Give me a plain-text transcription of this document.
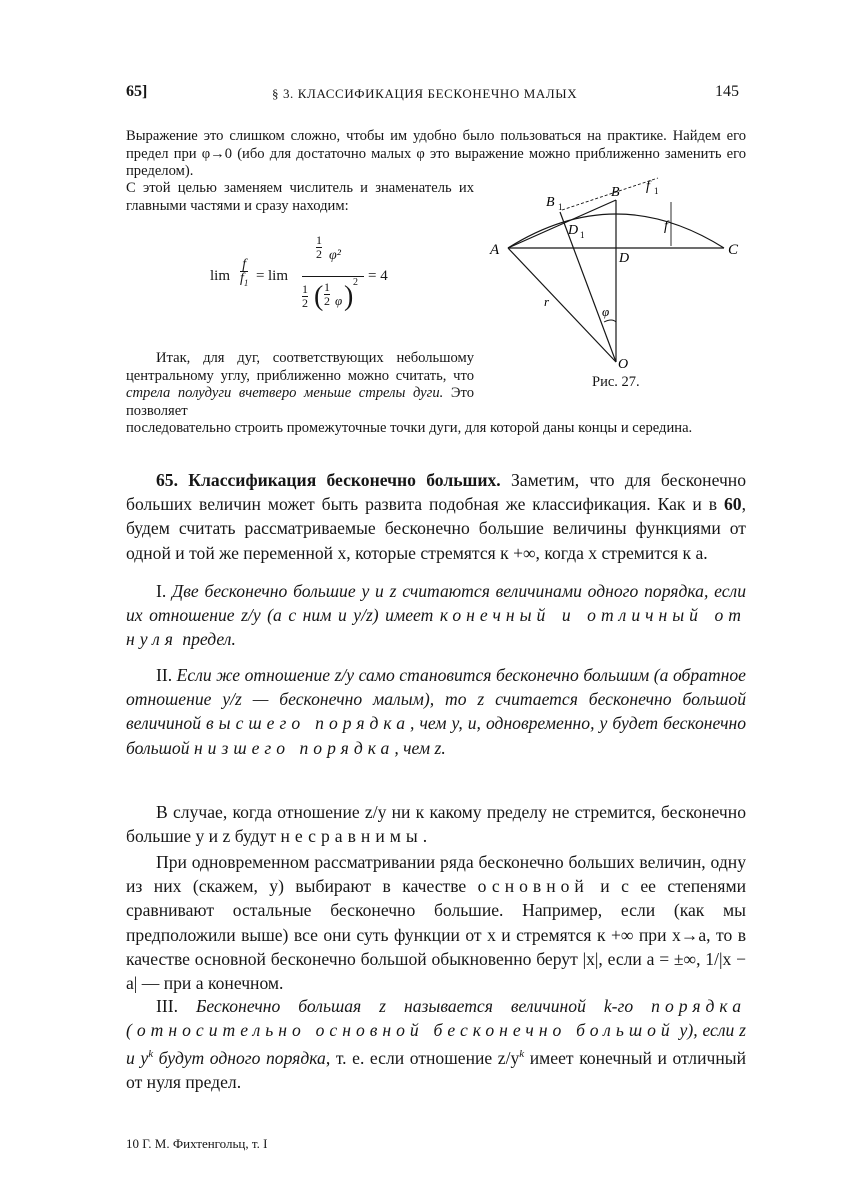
65]	§ 3. КЛАССИФИКАЦИЯ БЕСКОНЕЧНО МАЛЫХ	145
Выражение это слишком сложно, чтобы им удобно было пользоваться на практике. Найдем его предел при φ→0 (ибо для достаточно малых φ это выражение можно приближенно заменить его пределом).
С этой целью заменяем числитель и знаменатель их главными частями и сразу находим:
$\lim \frac{f}{f_1} = \lim$
$\frac{1}{2} \varphi^2$
$\frac{1}{2}$ ( $\frac{1}{2}$ φ ) 2 = 4
Итак, для дуг, соответствующих небольшому центральному углу, приближенно можно считать, что стрела полудуги вчетверо меньше стрелы дуги. Это позволяет
последовательно строить промежуточные точки дуги, для которой даны концы и середина.
A
B 1
B f 1
D 1
f
D
C
r
φ
O
Рис. 27.
65. Классификация бесконечно больших. Заметим, что для бесконечно больших величин может быть развита подобная же классификация. Как и в 60, будем считать рассматриваемые бесконечно большие величины функциями от одной и той же переменной x, которые стремятся к +∞, когда x стремится к a.
I. Две бесконечно большие y и z считаются величинами одного порядка, если их отношение z/y (а с ним и y/z) имеет конечный и отличный от нуля предел.
II. Если же отношение z/y само становится бесконечно большим (а обратное отношение y/z — бесконечно малым), то z считается бесконечно большой величиной высшего порядка, чем y, и, одновременно, y будет бесконечно большой низшего порядка, чем z.
В случае, когда отношение z/y ни к какому пределу не стремится, бесконечно большие y и z будут несравнимы.
При одновременном рассматривании ряда бесконечно больших величин, одну из них (скажем, y) выбирают в качестве основной и с ее степенями сравнивают остальные бесконечно большие. Например, если (как мы предположили выше) все они суть функции от x и стремятся к +∞ при x→a, то в качестве основной бесконечно большой обыкновенно берут |x|, если a = ±∞, 1/|x − a| — при a конечном.
III. Бесконечно большая z называется величиной k-го порядка (относительно основной бесконечно большой y), если z и $y^k$ будут одного порядка, т. е. если отношение $z/y^k$ имеет конечный и отличный от нуля предел.
10 Г. М. Фихтенгольц, т. I
